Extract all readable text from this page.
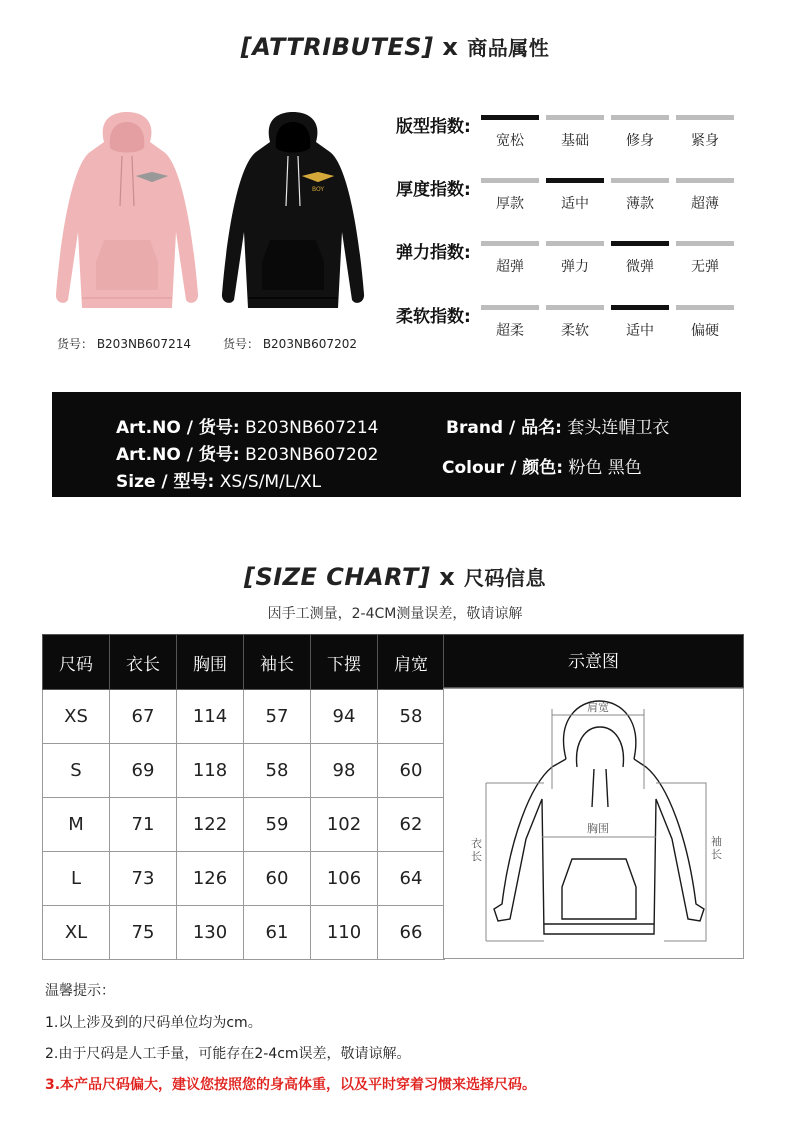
[ATTRIBUTES] x 商品属性
BOY
货号： B203NB607214	货号： B203NB607202
版型指数:
宽松	基础	修身	紧身
厚度指数:
厚款	适中	薄款	超薄
弹力指数:
超弹	弹力	微弹	无弹
柔软指数:
超柔	柔软	适中	偏硬
Art.NO / 货号: B203NB607214
Art.NO / 货号: B203NB607202
Size / 型号: XS/S/M/L/XL
Brand / 品名: 套头连帽卫衣
Colour / 颜色: 粉色 黑色
[SIZE CHART] x 尺码信息
因手工测量，2-4CM测量误差，敬请谅解
尺码	衣长	胸围	袖长	下摆	肩宽
XS	67	114	57	94	58
S	69	118	58	98	60
M	71	122	59	102	62
L	73	126	60	106	64
XL	75	130	61	110	66
示意图
肩宽
胸围
衣长
袖长
温馨提示：
1.以上涉及到的尺码单位均为cm。
2.由于尺码是人工手量，可能存在2-4cm误差，敬请谅解。
3.本产品尺码偏大，建议您按照您的身高体重，以及平时穿着习惯来选择尺码。
